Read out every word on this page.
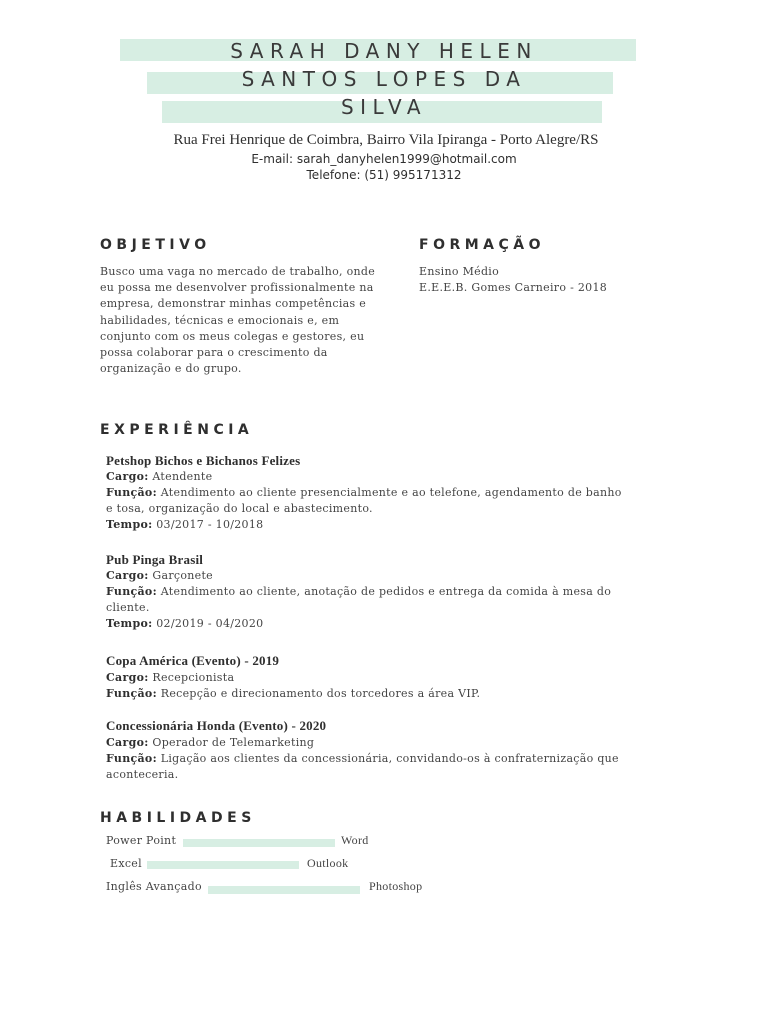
SARAH DANY HELEN
SANTOS LOPES DA
SILVA
Rua Frei Henrique de Coimbra, Bairro Vila Ipiranga - Porto Alegre/RS
E-mail: sarah_danyhelen1999@hotmail.com
Telefone: (51) 995171312
OBJETIVO
Busco uma vaga no mercado de trabalho, onde
eu possa me desenvolver profissionalmente na
empresa, demonstrar minhas competências e
habilidades, técnicas e emocionais e, em
conjunto com os meus colegas e gestores, eu
possa colaborar para o crescimento da
organização e do grupo.
FORMAÇÃO
Ensino Médio
E.E.E.B. Gomes Carneiro - 2018
EXPERIÊNCIA
Petshop Bichos e Bichanos Felizes
Cargo: Atendente
Função: Atendimento ao cliente presencialmente e ao telefone, agendamento de banho
e tosa, organização do local e abastecimento.
Tempo: 03/2017 - 10/2018
Pub Pinga Brasil
Cargo: Garçonete
Função: Atendimento ao cliente, anotação de pedidos e entrega da comida à mesa do
cliente.
Tempo: 02/2019 - 04/2020
Copa América (Evento) - 2019
Cargo: Recepcionista
Função: Recepção e direcionamento dos torcedores a área VIP.
Concessionária Honda (Evento) - 2020
Cargo: Operador de Telemarketing
Função: Ligação aos clientes da concessionária, convidando-os à confraternização que
aconteceria.
HABILIDADES
Power Point	Word
Excel	Outlook
Inglês Avançado	Photoshop
